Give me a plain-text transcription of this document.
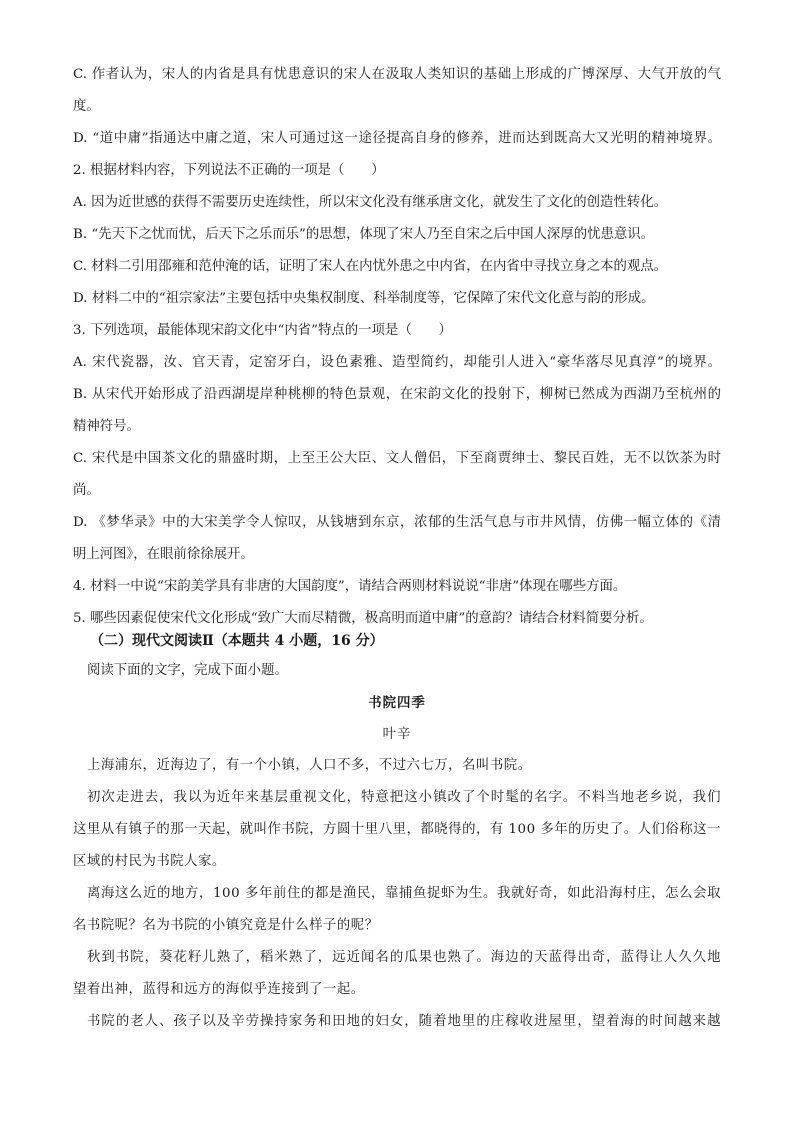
C. 作者认为，宋人的内省是具有忧患意识的宋人在汲取人类知识的基础上形成的广博深厚、大气开放的气
度。
D. “道中庸”指通达中庸之道，宋人可通过这一途径提高自身的修养，进而达到既高大又光明的精神境界。
2. 根据材料内容，下列说法不正确的一项是（　　）
A. 因为近世感的获得不需要历史连续性，所以宋文化没有继承唐文化，就发生了文化的创造性转化。
B. “先天下之忧而忧，后天下之乐而乐”的思想，体现了宋人乃至自宋之后中国人深厚的忧患意识。
C. 材料二引用邵雍和范仲淹的话，证明了宋人在内忧外患之中内省，在内省中寻找立身之本的观点。
D. 材料二中的“祖宗家法”主要包括中央集权制度、科举制度等，它保障了宋代文化意与韵的形成。
3. 下列选项，最能体现宋韵文化中“内省”特点的一项是（　　）
A. 宋代瓷器，汝、官天青，定窑牙白，设色素雅、造型简约，却能引人进入“豪华落尽见真淳”的境界。
B. 从宋代开始形成了沿西湖堤岸种桃柳的特色景观，在宋韵文化的投射下，柳树已然成为西湖乃至杭州的
精神符号。
C. 宋代是中国茶文化的鼎盛时期，上至王公大臣、文人僧侣，下至商贾绅士、黎民百姓，无不以饮茶为时
尚。
D. 《梦华录》中的大宋美学令人惊叹，从钱塘到东京，浓郁的生活气息与市井风情，仿佛一幅立体的《清
明上河图》，在眼前徐徐展开。
4. 材料一中说“宋韵美学具有非唐的大国韵度”，请结合两则材料说说“非唐”体现在哪些方面。
5. 哪些因素促使宋代文化形成“致广大而尽精微，极高明而道中庸”的意韵？请结合材料简要分析。
（二）现代文阅读Ⅱ（本题共 4 小题，16 分）
阅读下面的文字，完成下面小题。
书院四季
叶辛
上海浦东，近海边了，有一个小镇，人口不多，不过六七万，名叫书院。
初次走进去，我以为近年来基层重视文化，特意把这小镇改了个时髦的名字。不料当地老乡说，我们
这里从有镇子的那一天起，就叫作书院，方圆十里八里，都晓得的，有 100 多年的历史了。人们俗称这一
区域的村民为书院人家。
离海这么近的地方，100 多年前住的都是渔民，靠捕鱼捉虾为生。我就好奇，如此沿海村庄，怎么会取
名书院呢？名为书院的小镇究竟是什么样子的呢？
秋到书院，葵花籽儿熟了，稻米熟了，远近闻名的瓜果也熟了。海边的天蓝得出奇，蓝得让人久久地
望着出神，蓝得和远方的海似乎连接到了一起。
书院的老人、孩子以及辛劳操持家务和田地的妇女，随着地里的庄稼收进屋里，望着海的时间越来越
